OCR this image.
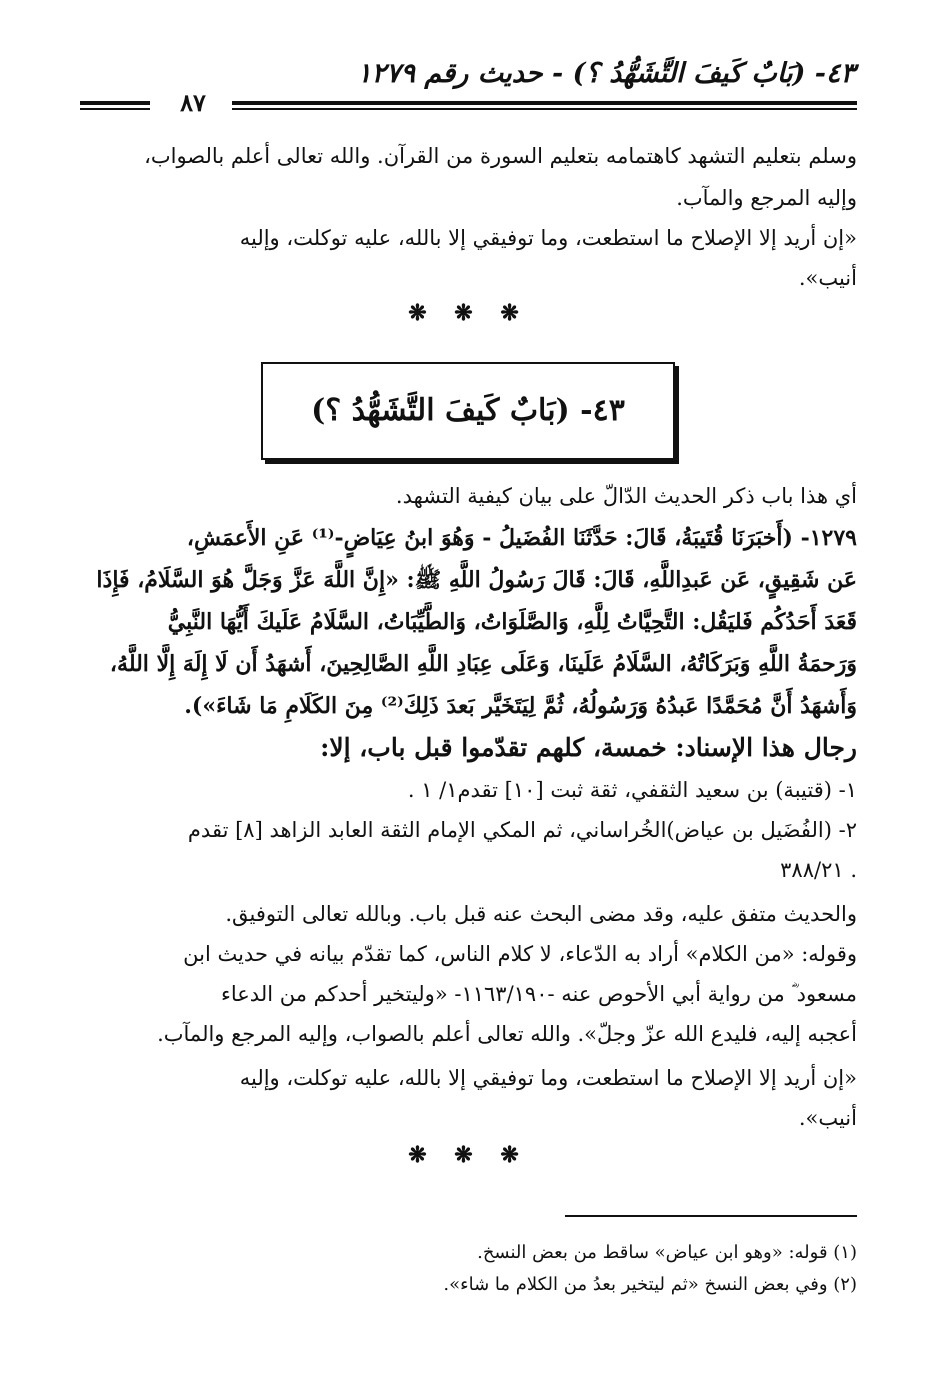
٤٣- (بَابٌ كَيفَ التَّشَهُّدُ ؟) - حديث رقم ١٢٧٩
٨٧
وسلم بتعليم التشهد كاهتمامه بتعليم السورة من القرآن. والله تعالى أعلم بالصواب،
وإليه المرجع والمآب.
«إن أريد إلا الإصلاح ما استطعت، وما توفيقي إلا بالله، عليه توكلت، وإليه
أنيب».
❋ ❋ ❋
٤٣- (بَابٌ كَيفَ التَّشَهُّدُ ؟)
أي هذا باب ذكر الحديث الدّالّ على بيان كيفية التشهد.
١٢٧٩- (أَخبَرَنَا قُتَيبَةُ، قَالَ: حَدَّثَنَا الفُضَيلُ - وَهُوَ ابنُ عِيَاضٍ-⁽¹⁾ عَنِ الأَعمَشِ،
عَن شَقِيقٍ، عَن عَبدِاللَّهِ، قَالَ: قَالَ رَسُولُ اللَّهِ ﷺ: «إِنَّ اللَّهَ عَزَّ وَجَلَّ هُوَ السَّلَامُ، فَإِذَا
قَعَدَ أَحَدُكُم فَليَقُل: التَّحِيَّاتُ لِلَّهِ، وَالصَّلَوَاتُ، وَالطَّيِّبَاتُ، السَّلَامُ عَلَيكَ أَيُّهَا النَّبِيُّ
وَرَحمَةُ اللَّهِ وَبَرَكَاتُهُ، السَّلَامُ عَلَينَا، وَعَلَى عِبَادِ اللَّهِ الصَّالِحِينَ، أَشهَدُ أَن لَا إِلَهَ إِلَّا اللَّهُ،
وَأَشهَدُ أَنَّ مُحَمَّدًا عَبدُهُ وَرَسُولُهُ، ثُمَّ لِيَتَخَيَّر بَعدَ ذَلِكَ⁽²⁾ مِنَ الكَلَامِ مَا شَاءَ»).
رجال هذا الإسناد: خمسة، كلهم تقدّموا قبل باب، إلا:
١- (قتيبة) بن سعيد الثقفي، ثقة ثبت [١٠] تقدم١/ ١ .
٢- (الفُضَيل بن عياض)الخُراساني، ثم المكي الإمام الثقة العابد الزاهد [٨] تقدم
. ٣٨٨/٢١
والحديث متفق عليه، وقد مضى البحث عنه قبل باب. وبالله تعالى التوفيق.
وقوله: «من الكلام» أراد به الدّعاء، لا كلام الناس، كما تقدّم بيانه في حديث ابن
مسعود ؓ من رواية أبي الأحوص عنه -١١٦٣/١٩٠- «وليتخير أحدكم من الدعاء
أعجبه إليه، فليدع الله عزّ وجلّ». والله تعالى أعلم بالصواب، وإليه المرجع والمآب.
«إن أريد إلا الإصلاح ما استطعت، وما توفيقي إلا بالله، عليه توكلت، وإليه
أنيب».
❋ ❋ ❋
(١) قوله: «وهو ابن عياض» ساقط من بعض النسخ.
(٢) وفي بعض النسخ «ثم ليتخير بعدُ من الكلام ما شاء».
